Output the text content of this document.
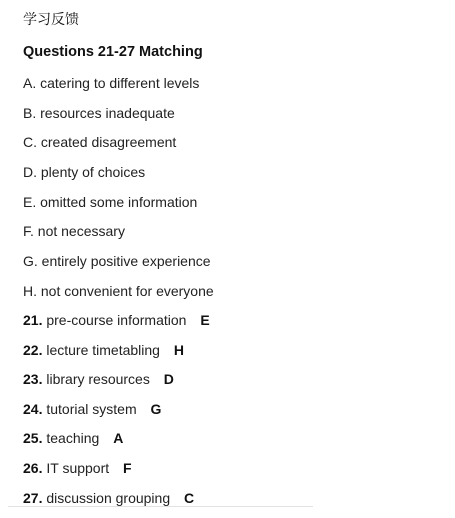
学习反馈
Questions 21-27 Matching
A. catering to different levels
B. resources inadequate
C. created disagreement
D. plenty of choices
E. omitted some information
F. not necessary
G. entirely positive experience
H. not convenient for everyone
21. pre-course information E
22. lecture timetabling H
23. library resources D
24. tutorial system G
25. teaching A
26. IT support F
27. discussion grouping C
